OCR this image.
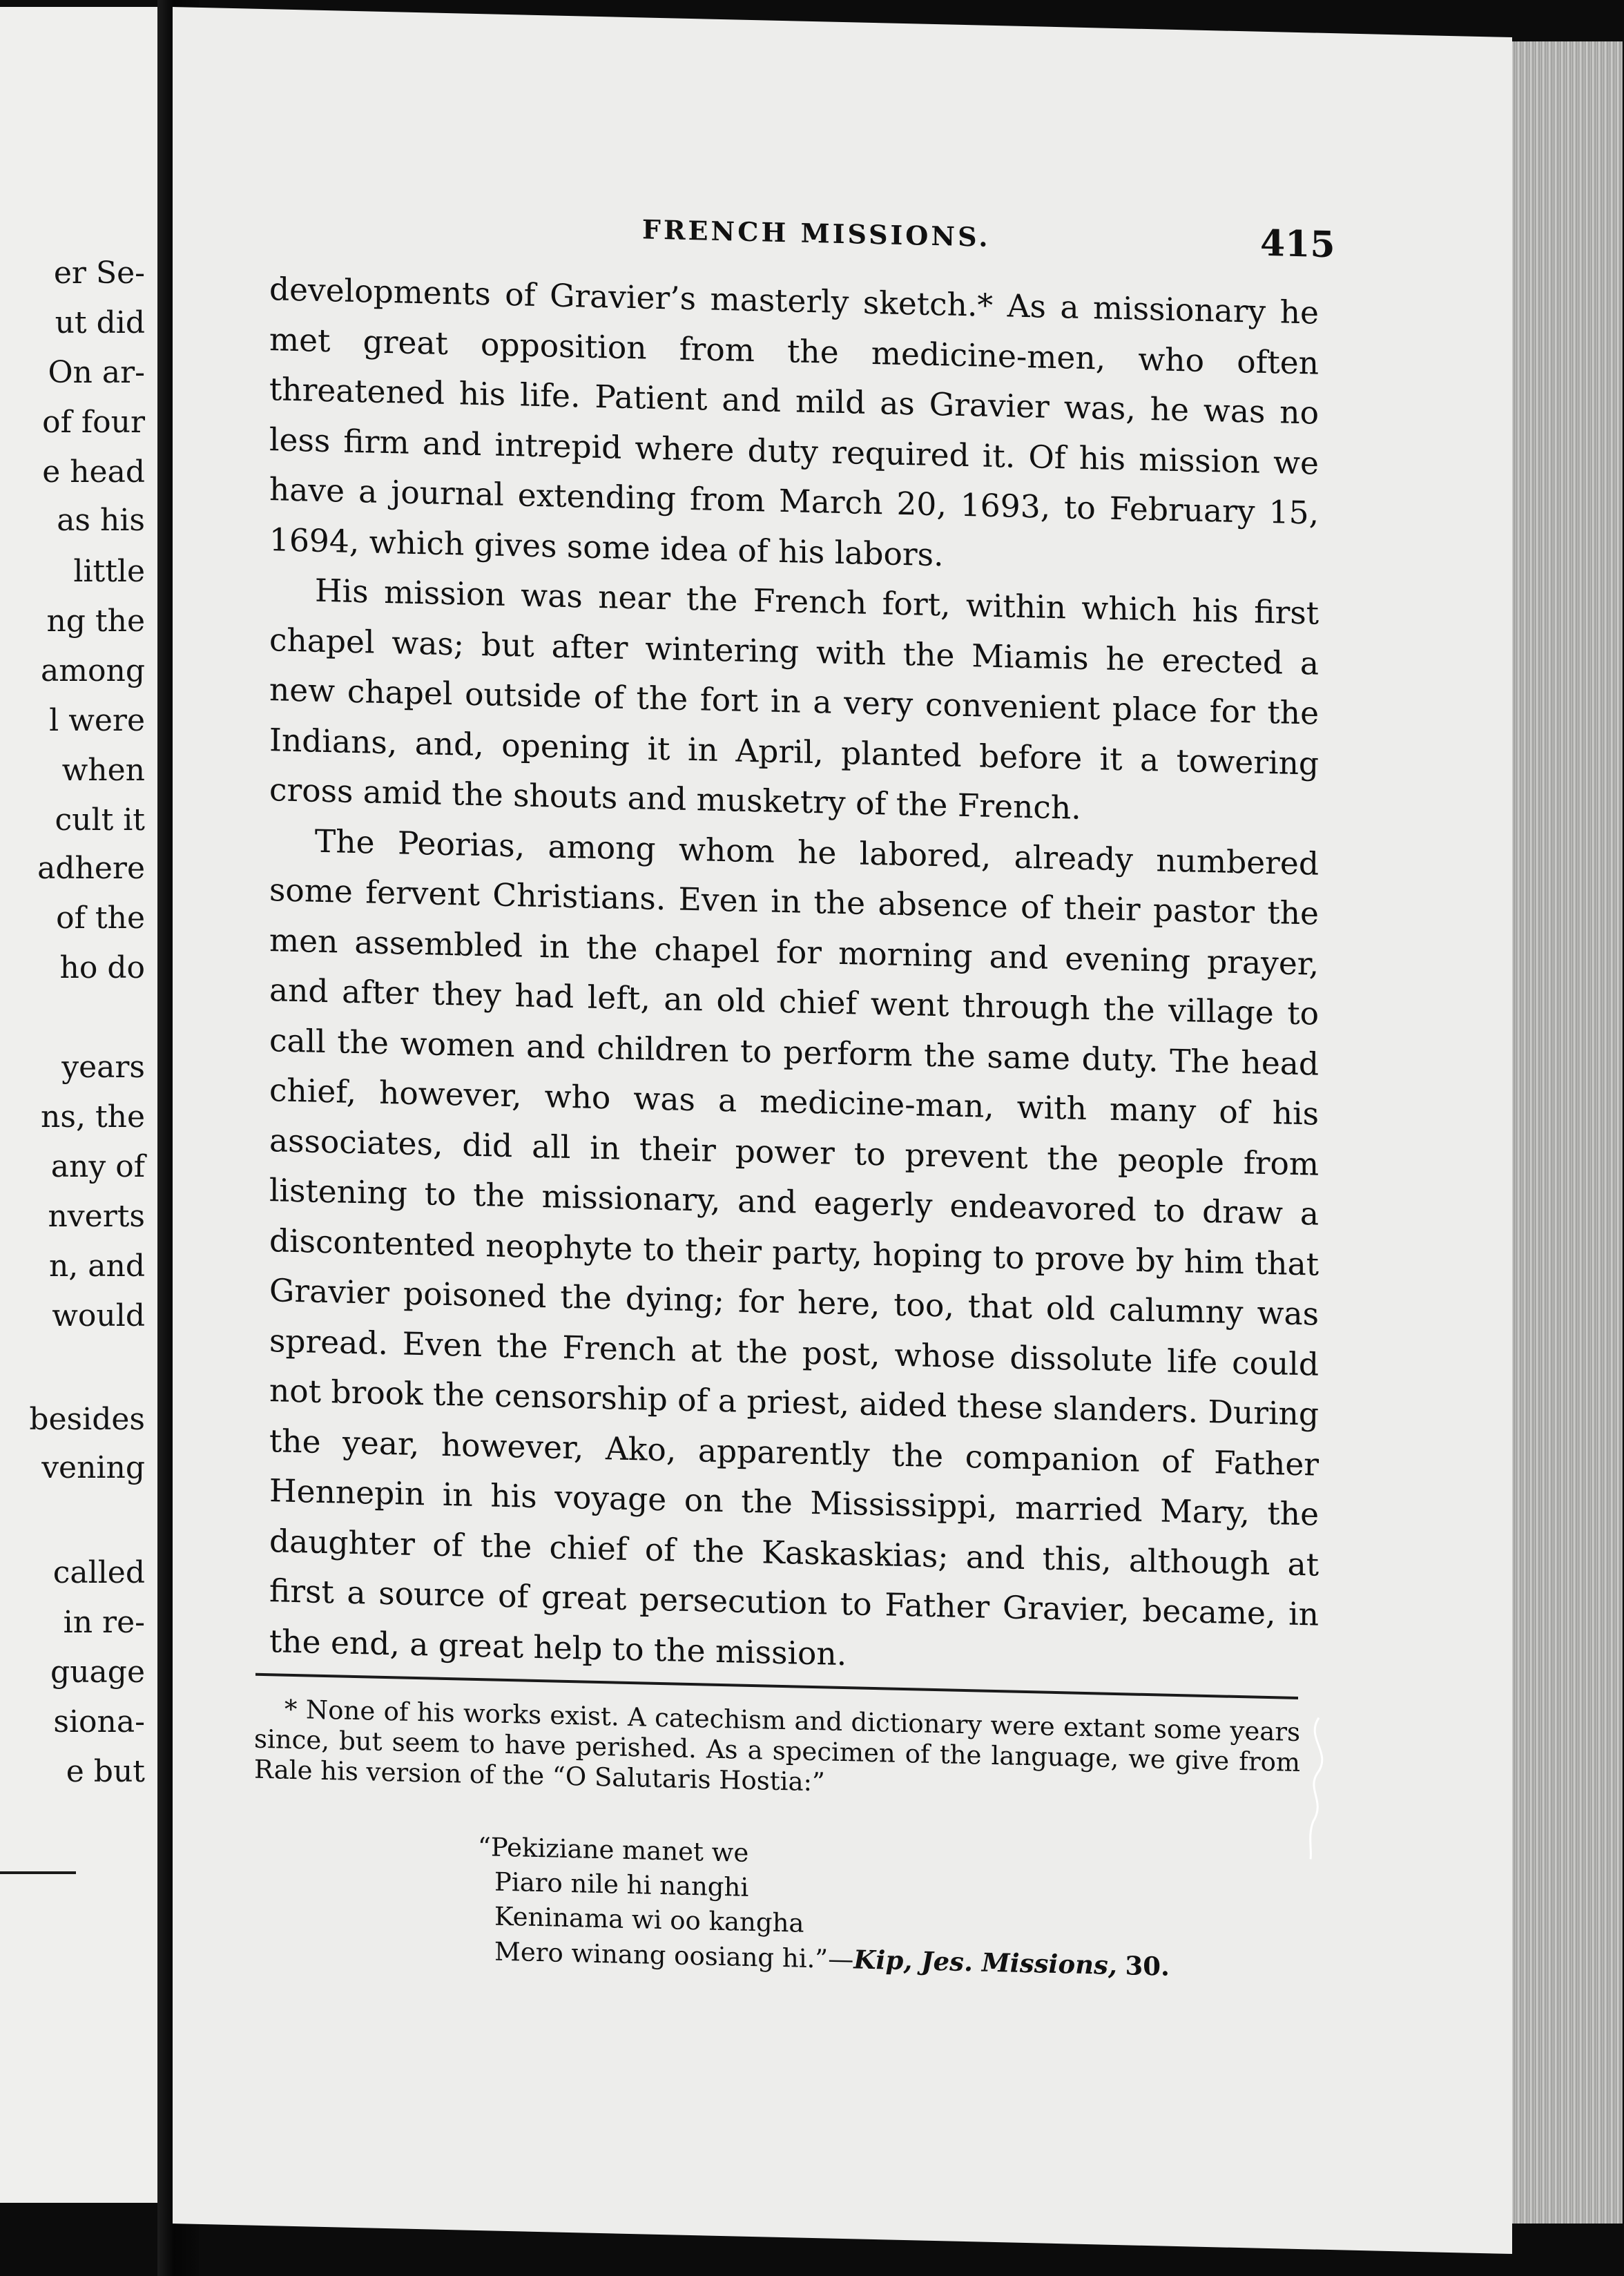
er Se-
ut did
On ar-
of four
e head
as his
little
ng the
among
l were
when
cult it
adhere
of the
ho do
years
ns, the
any of
nverts
n, and
would
besides
vening
called
in re-
guage
siona-
e but
FRENCH MISSIONS.	415

developments of Gravier’s masterly sketch.* As a missionary he met great opposition from the medicine-men, who often threatened his life. Patient and mild as Gravier was, he was no less firm and intrepid where duty required it. Of his mission we have a journal extending from March 20, 1693, to February 15, 1694, which gives some idea of his labors.

His mission was near the French fort, within which his first chapel was; but after wintering with the Miamis he erected a new chapel outside of the fort in a very convenient place for the Indians, and, opening it in April, planted before it a towering cross amid the shouts and musketry of the French.

The Peorias, among whom he labored, already numbered some fervent Christians. Even in the absence of their pastor the men assembled in the chapel for morning and evening prayer, and after they had left, an old chief went through the village to call the women and children to perform the same duty. The head chief, however, who was a medicine-man, with many of his associates, did all in their power to prevent the people from listening to the missionary, and eagerly endeavored to draw a discontented neophyte to their party, hoping to prove by him that Gravier poisoned the dying; for here, too, that old calumny was spread. Even the French at the post, whose dissolute life could not brook the censorship of a priest, aided these slanders. During the year, however, Ako, apparently the companion of Father Hennepin in his voyage on the Mississippi, married Mary, the daughter of the chief of the Kaskaskias; and this, although at first a source of great persecution to Father Gravier, became, in the end, a great help to the mission.

* None of his works exist. A catechism and dictionary were extant some years since, but seem to have perished. As a specimen of the language, we give from Rale his version of the “O Salutaris Hostia:”

“Pekiziane manet we
Piaro nile hi nanghi
Keninama wi oo kangha
Mero winang oosiang hi.”—Kip, Jes. Missions, 30.
